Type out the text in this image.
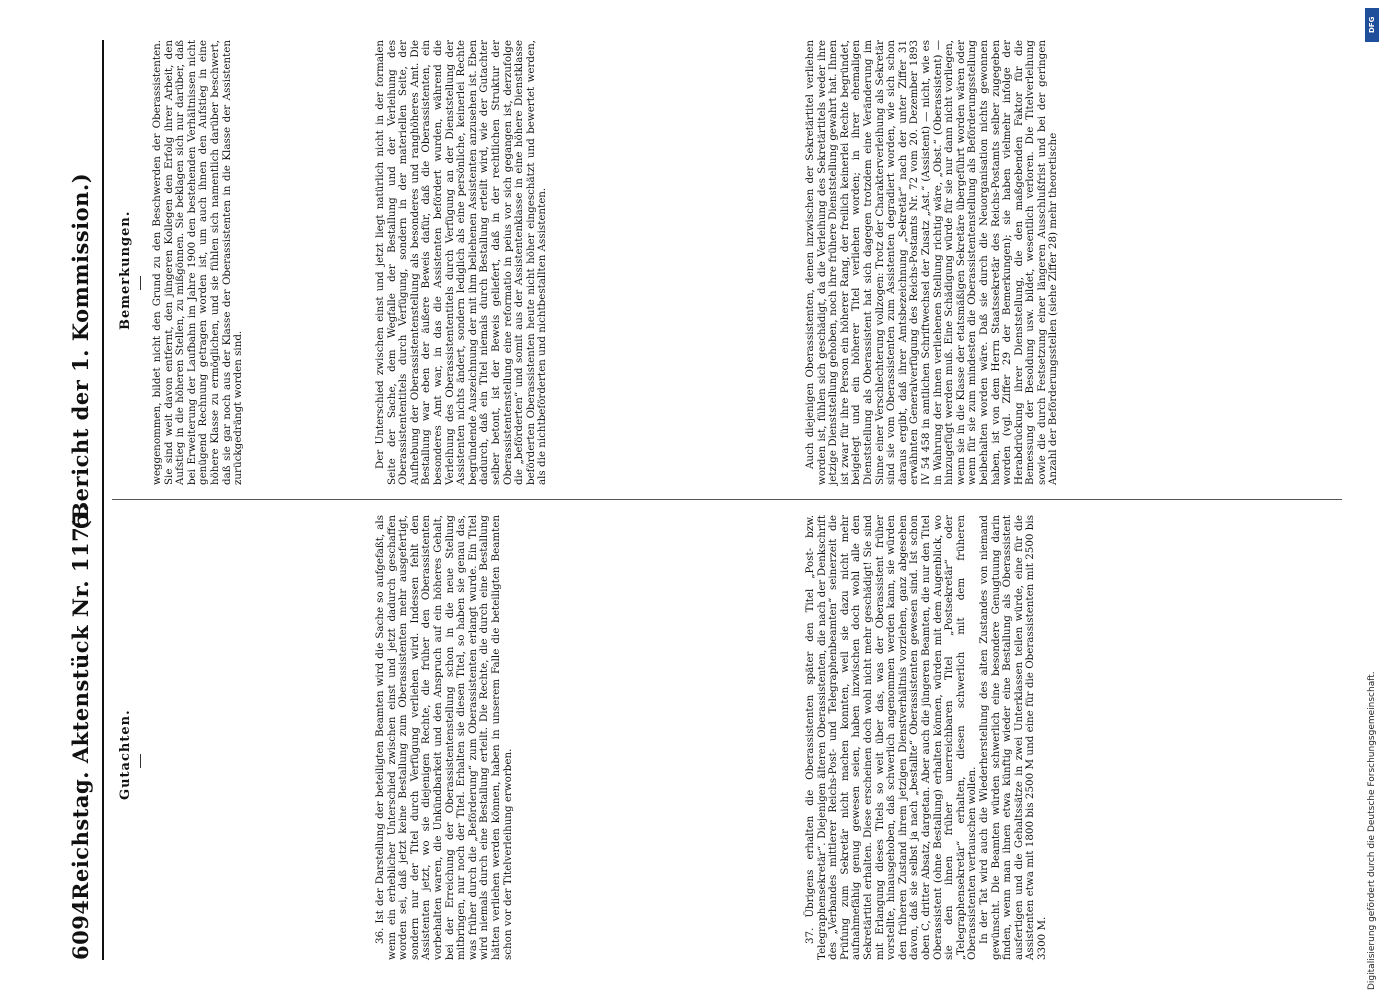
6094
Reichstag. Aktenstück Nr. 1175.
(Bericht der 1. Kommission.)
Gutachten.
Bemerkungen. weggenommen, bildet nicht den Grund zu den Beschwerden der Oberassistenten. Sie sind weit davon entfernt, den jüngeren Kollegen den Erfolg ihrer Arbeit, den Aufstieg in die höheren Stellen, zu mißgönnen. Sie beklagen sich nur darüber, daß bei Erweiterung der Laufbahn im Jahre 1900 den bestehenden Verhältnissen nicht genügend Rechnung getragen worden ist, um auch ihnen den Aufstieg in eine höhere Klasse zu ermöglichen, und sie fühlen sich namentlich darüber beschwert, daß sie gar noch aus der Klasse der Oberassistenten in die Klasse der Assistenten zurückgedrängt worden sind.

36. Ist der Darstellung der beteiligten Beamten wird die Sache so aufgefaßt, als wenn ein erheblicher Unterschied zwischen einst und jetzt dadurch geschaffen worden sei, daß jetzt keine Bestallung zum Oberassistenten mehr ausgefertigt, sondern nur der Titel durch Verfügung verliehen wird. Indessen fehlt den Assistenten jetzt, wo sie diejenigen Rechte, die früher den Oberassistenten vorbehalten waren, die Unkündbarkeit und den Anspruch auf ein höheres Gehalt, bei der Erreichung der Oberassistentenstellung schon in die neue Stellung mitbringen, nur noch der Titel. Erhalten sie diesen Titel, so haben sie genau das, was früher durch die „Beförderung“ zum Oberassistenten erlangt wurde. Ein Titel wird niemals durch eine Bestallung erteilt. Die Rechte, die durch eine Bestallung hätten verliehen werden können, haben in unserem Falle die beteiligten Beamten schon vor der Titelverleihung erworben.

Der Unterschied zwischen einst und jetzt liegt natürlich nicht in der formalen Seite der Sache, dem Wegfalle der Bestallung und der Verleihung des Oberassistententitels durch Verfügung, sondern in der materiellen Seite, der Aufhebung der Oberassistentenstellung als besonderes und ranghöheres Amt. Die Bestallung war eben der äußere Beweis dafür, daß die Oberassistenten, ein besonderes Amt war, in das die Assistenten befördert wurden, während die Verleihung des Oberassistententitels durch Verfügung an der Dienststellung der Assistenten nichts ändert, sondern lediglich als eine persönliche, keinerlei Rechte begründende Auszeichnung der mit ihm beliehenen Assistenten anzusehen ist. Eben dadurch, daß ein Titel niemals durch Bestallung erteilt wird, wie der Gutachter selber betont, ist der Beweis geliefert, daß in der rechtlichen Struktur der Oberassistentenstellung eine reformatio in peius vor sich gegangen ist, derzufolge die „beförderten“ und somit aus der Assistentenklasse in eine höhere Dienstklasse beförderten Oberassistenten heute nicht höher eingeschätzt und bewertet werden, als die nichtbeförderten und nichtbestallten Assistenten.

37. Übrigens erhalten die Oberassistenten später den Titel „Post- bzw. Telegraphensekretär“. Diejenigen älteren Oberassistenten, die nach der Denkschrift des „Verbandes mittlerer Reichs-Post- und Telegraphenbeamten“ seinerzeit die Prüfung zum Sekretär nicht machen konnten, weil sie dazu nicht mehr aufnahmefähig genug gewesen seien, haben inzwischen doch wohl alle den Sekretärtitel erhalten. Diese erscheinen doch wohl nicht mehr geschädigt! Sie sind mit Erlangung dieses Titels so weit über das, was der Oberassistent früher vorstellte, hinausgehoben, daß schwerlich angenommen werden kann, sie würden den früheren Zustand ihrem jetzigen Dienstverhältnis vorziehen, ganz abgesehen davon, daß sie selbst ja nach „bestallte“ Oberassistenten gewesen sind. Ist schon oben C, dritter Absatz, dargetan. Aber auch die jüngeren Beamten, die nur den Titel Oberassistent (ohne Bestallung) erhalten können, würden mit dem Augenblick, wo sie den ihnen früher unerreichbaren Titel „Postsekretär“ oder „Telegraphensekretär“ erhalten, diesen schwerlich mit dem früheren Oberassistenten vertauschen wollen. In der Tat wird auch die Wiederherstellung des alten Zustandes von niemand gewünscht. Die Beamten würden schwerlich eine besondere Genugtuung darin finden, wenn man ihnen etwa künftig wieder eine Bestallung als Oberassistent ausfertigen und die Gehaltssätze in zwei Unterklassen teilen würde, eine für die Assistenten etwa mit 1800 bis 2500 M und eine für die Oberassistenten mit 2500 bis 3300 M.

Auch diejenigen Oberassistenten, denen inzwischen der Sekretärtitel verliehen worden ist, fühlen sich geschädigt, da die Verleihung des Sekretärtitels weder ihre jetzige Dienststellung gehoben, noch ihre frühere Dienststellung gewahrt hat. Ihnen ist zwar für ihre Person ein höherer Rang, der freilich keinerlei Rechte begründet, beigelegt und ein höherer Titel verliehen worden; in ihrer ehemaligen Dienststellung als Oberassistent hat sich dagegen trotzdem eine Veränderung im Sinne einer Verschlechterung vollzogen: Trotz der Charakterverleihung als Sekretär sind sie vom Oberassistenten zum Assistenten degradiert worden, wie sich schon daraus ergibt, daß ihrer Amtsbezeichnung „Sekretär“ nach der unter Ziffer 31 erwähnten Generalverfügung des Reichs-Postamts Nr. 72 vom 20. Dezember 1893 IV 54 458 in amtlichen Schriftwechsel der Zusatz „Ast.“ (Assistent) — nicht, wie es in Wahrung der ihnen verliehenen Stellung richtig wäre, „Obst.“ (Oberassistent) — hinzugefügt werden muß. Eine Schädigung würde für sie nur dann nicht vorliegen, wenn sie in die Klasse der etatsmäßigen Sekretäre übergeführt worden wären oder wenn für sie zum mindesten die Oberassistentenstellung als Beförderungsstellung beibehalten worden wäre. Daß sie durch die Neuorganisation nichts gewonnen haben, ist von dem Herrn Staatssekretär des Reichs-Postamts selber zugegeben worden (vgl. Ziffer 29 der Bemerkungen); sie haben vielmehr infolge der Herabdrückung ihrer Dienststellung, die den maßgebenden Faktor für die Bemessung der Besoldung usw. bildet, wesentlich verloren. Die Titelverleihung sowie die durch Festsetzung einer längeren Ausschlußfrist und bei der geringen Anzahl der Beförderungsstellen (siehe Ziffer 28) mehr theoretische

DFG
Digitalisierung gefördert durch die Deutsche Forschungsgemeinschaft.
